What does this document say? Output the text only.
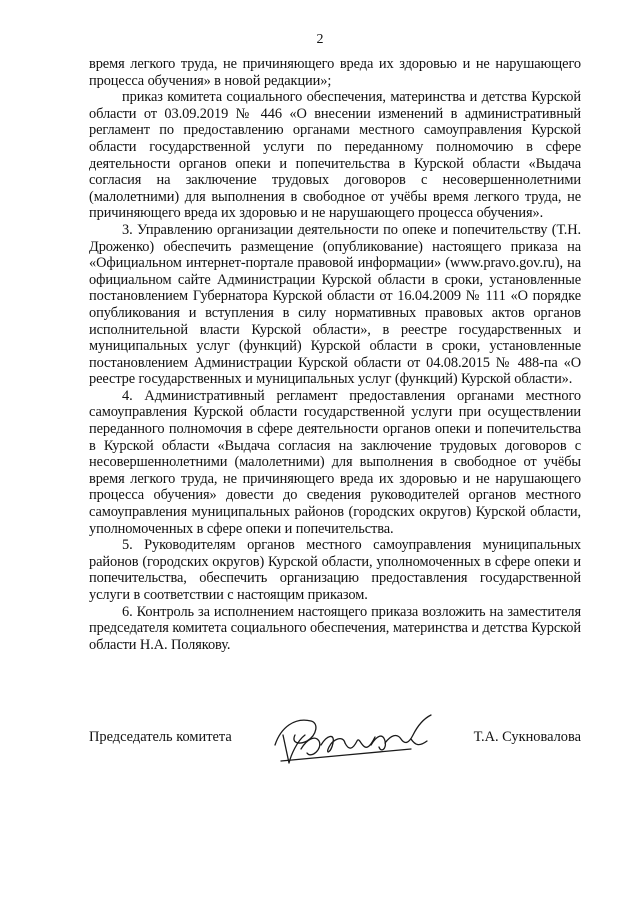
2

время легкого труда, не причиняющего вреда их здоровью и не нарушающего процесса обучения» в новой редакции»;

приказ комитета социального обеспечения, материнства и детства Курской области от 03.09.2019 № 446 «О внесении изменений в административный регламент по предоставлению органами местного самоуправления Курской области государственной услуги по переданному полномочию в сфере деятельности органов опеки и попечительства в Курской области «Выдача согласия на заключение трудовых договоров с несовершеннолетними (малолетними) для выполнения в свободное от учёбы время легкого труда, не причиняющего вреда их здоровью и не нарушающего процесса обучения».

3. Управлению организации деятельности по опеке и попечительству (Т.Н. Дроженко) обеспечить размещение (опубликование) настоящего приказа на «Официальном интернет-портале правовой информации» (www.pravo.gov.ru), на официальном сайте Администрации Курской области в сроки, установленные постановлением Губернатора Курской области от 16.04.2009 № 111 «О порядке опубликования и вступления в силу нормативных правовых актов органов исполнительной власти Курской области», в реестре государственных и муниципальных услуг (функций) Курской области в сроки, установленные постановлением Администрации Курской области от 04.08.2015 № 488-па «О реестре государственных и муниципальных услуг (функций) Курской области».

4. Административный регламент предоставления органами местного самоуправления Курской области государственной услуги при осуществлении переданного полномочия в сфере деятельности органов опеки и попечительства в Курской области «Выдача согласия на заключение трудовых договоров с несовершеннолетними (малолетними) для выполнения в свободное от учёбы время легкого труда, не причиняющего вреда их здоровью и не нарушающего процесса обучения» довести до сведения руководителей органов местного самоуправления муниципальных районов (городских округов) Курской области, уполномоченных в сфере опеки и попечительства.

5. Руководителям органов местного самоуправления муниципальных районов (городских округов) Курской области, уполномоченных в сфере опеки и попечительства, обеспечить организацию предоставления государственной услуги в соответствии с настоящим приказом.

6. Контроль за исполнением настоящего приказа возложить на заместителя председателя комитета социального обеспечения, материнства и детства Курской области Н.А. Полякову.

Председатель комитета	Т.А. Сукновалова
